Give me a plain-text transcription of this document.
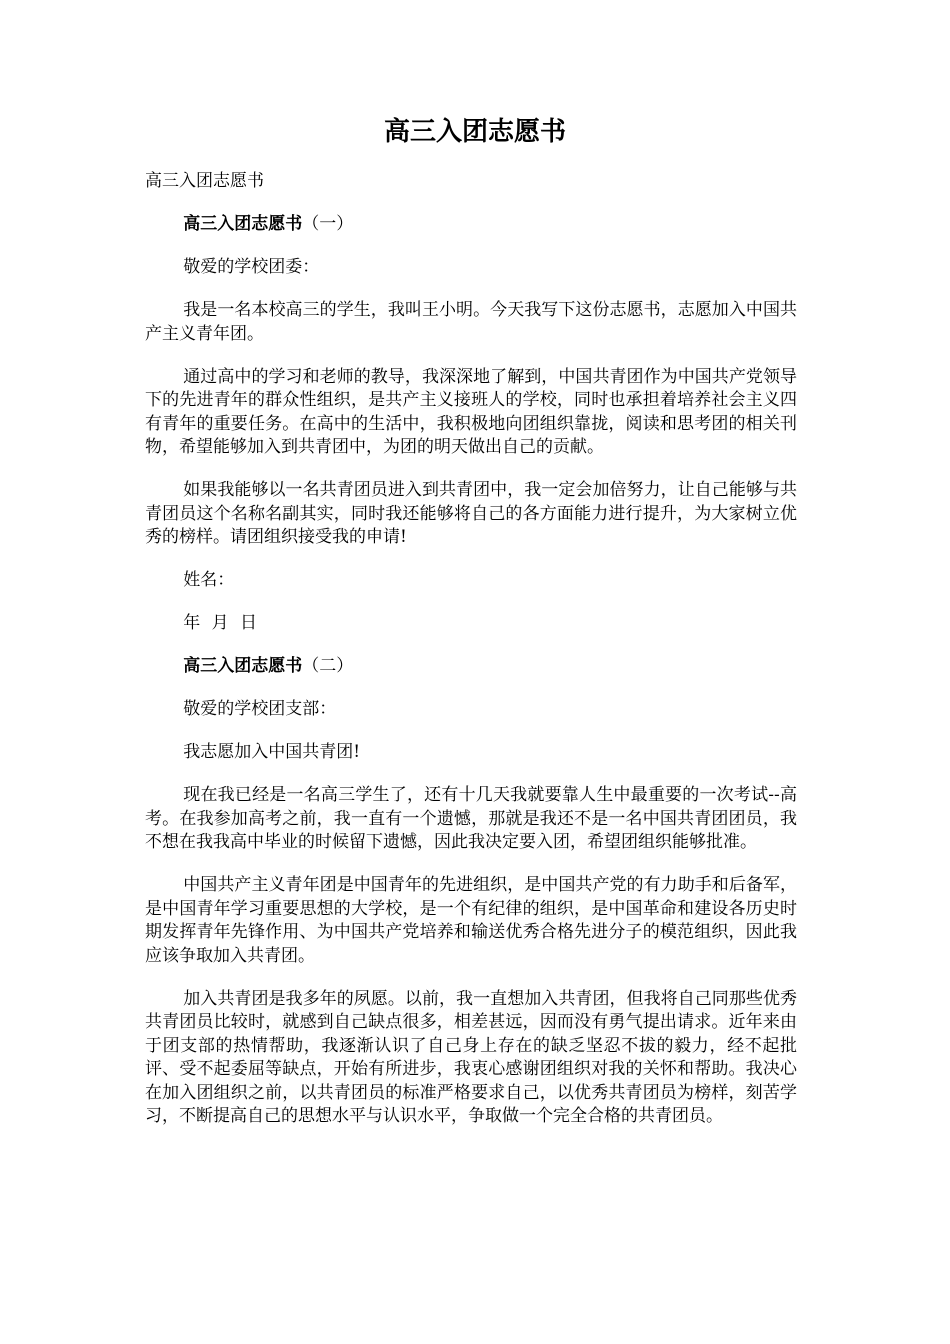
高三入团志愿书

高三入团志愿书

高三入团志愿书（一）

敬爱的学校团委：

我是一名本校高三的学生，我叫王小明。今天我写下这份志愿书，志愿加入中国共产主义青年团。

通过高中的学习和老师的教导，我深深地了解到，中国共青团作为中国共产党领导下的先进青年的群众性组织，是共产主义接班人的学校，同时也承担着培养社会主义四有青年的重要任务。在高中的生活中，我积极地向团组织靠拢，阅读和思考团的相关刊物，希望能够加入到共青团中，为团的明天做出自己的贡献。

如果我能够以一名共青团员进入到共青团中，我一定会加倍努力，让自己能够与共青团员这个名称名副其实，同时我还能够将自己的各方面能力进行提升，为大家树立优秀的榜样。请团组织接受我的申请!

姓名：

年 月 日

高三入团志愿书（二）

敬爱的学校团支部：

我志愿加入中国共青团!

现在我已经是一名高三学生了，还有十几天我就要靠人生中最重要的一次考试--高考。在我参加高考之前，我一直有一个遗憾，那就是我还不是一名中国共青团团员，我不想在我我高中毕业的时候留下遗憾，因此我决定要入团，希望团组织能够批准。

中国共产主义青年团是中国青年的先进组织，是中国共产党的有力助手和后备军，是中国青年学习重要思想的大学校，是一个有纪律的组织，是中国革命和建设各历史时期发挥青年先锋作用、为中国共产党培养和输送优秀合格先进分子的模范组织，因此我应该争取加入共青团。

加入共青团是我多年的夙愿。以前，我一直想加入共青团，但我将自己同那些优秀共青团员比较时，就感到自己缺点很多，相差甚远，因而没有勇气提出请求。近年来由于团支部的热情帮助，我逐渐认识了自己身上存在的缺乏坚忍不拔的毅力，经不起批评、受不起委屈等缺点，开始有所进步，我衷心感谢团组织对我的关怀和帮助。我决心在加入团组织之前，以共青团员的标准严格要求自己，以优秀共青团员为榜样，刻苦学习，不断提高自己的思想水平与认识水平，争取做一个完全合格的共青团员。
